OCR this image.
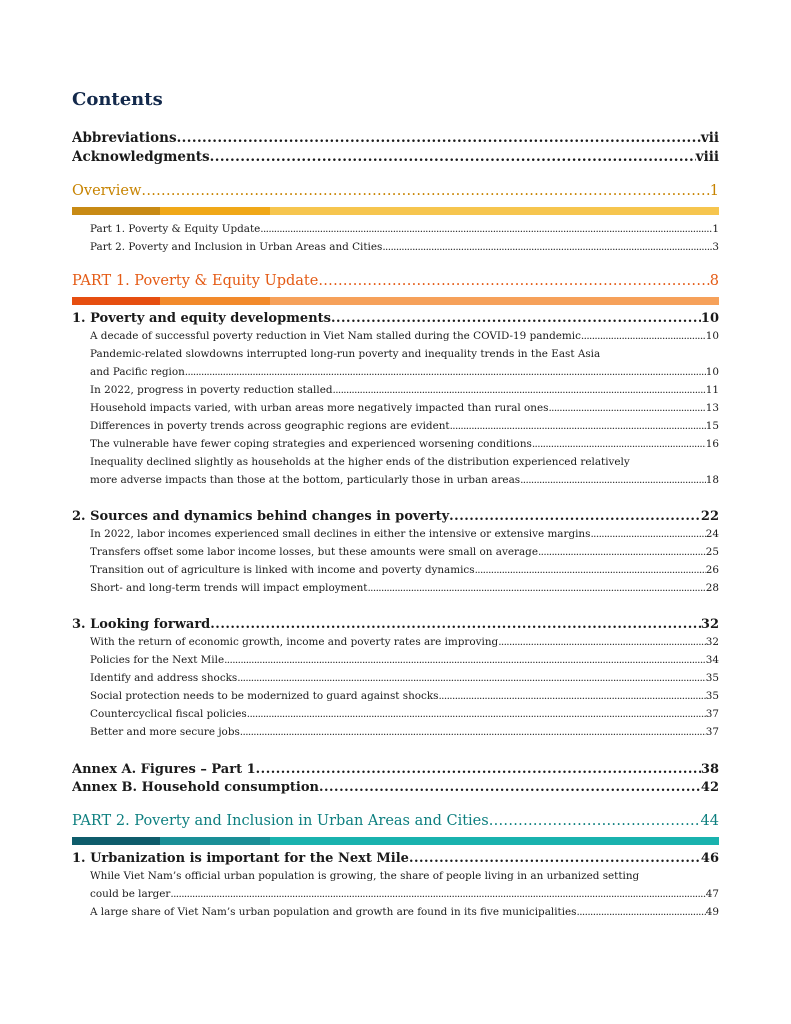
Contents
Abbreviations .....	vii
Acknowledgments .....	viii
Overview .....	1
Part 1. Poverty & Equity Update .....	1
Part 2. Poverty and Inclusion in Urban Areas and Cities .....	3
PART 1. Poverty & Equity Update .....	8
1. Poverty and equity developments .....	10
A decade of successful poverty reduction in Viet Nam stalled during the COVID-19 pandemic .....	10
Pandemic-related slowdowns interrupted long-run poverty and inequality trends in the East Asia
and Pacific region .....	10
In 2022, progress in poverty reduction stalled .....	11
Household impacts varied, with urban areas more negatively impacted than rural ones .....	13
Differences in poverty trends across geographic regions are evident .....	15
The vulnerable have fewer coping strategies and experienced worsening conditions .....	16
Inequality declined slightly as households at the higher ends of the distribution experienced relatively
more adverse impacts than those at the bottom, particularly those in urban areas .....	18
2. Sources and dynamics behind changes in poverty .....	22
In 2022, labor incomes experienced small declines in either the intensive or extensive margins .....	24
Transfers offset some labor income losses, but these amounts were small on average .....	25
Transition out of agriculture is linked with income and poverty dynamics .....	26
Short- and long-term trends will impact employment .....	28
3. Looking forward .....	32
With the return of economic growth, income and poverty rates are improving .....	32
Policies for the Next Mile .....	34
Identify and address shocks .....	35
Social protection needs to be modernized to guard against shocks .....	35
Countercyclical fiscal policies .....	37
Better and more secure jobs .....	37
Annex A. Figures – Part 1 .....	38
Annex B. Household consumption .....	42
PART 2. Poverty and Inclusion in Urban Areas and Cities .....	44
1. Urbanization is important for the Next Mile .....	46
While Viet Nam’s official urban population is growing, the share of people living in an urbanized setting
could be larger .....	47
A large share of Viet Nam’s urban population and growth are found in its five municipalities .....	49
